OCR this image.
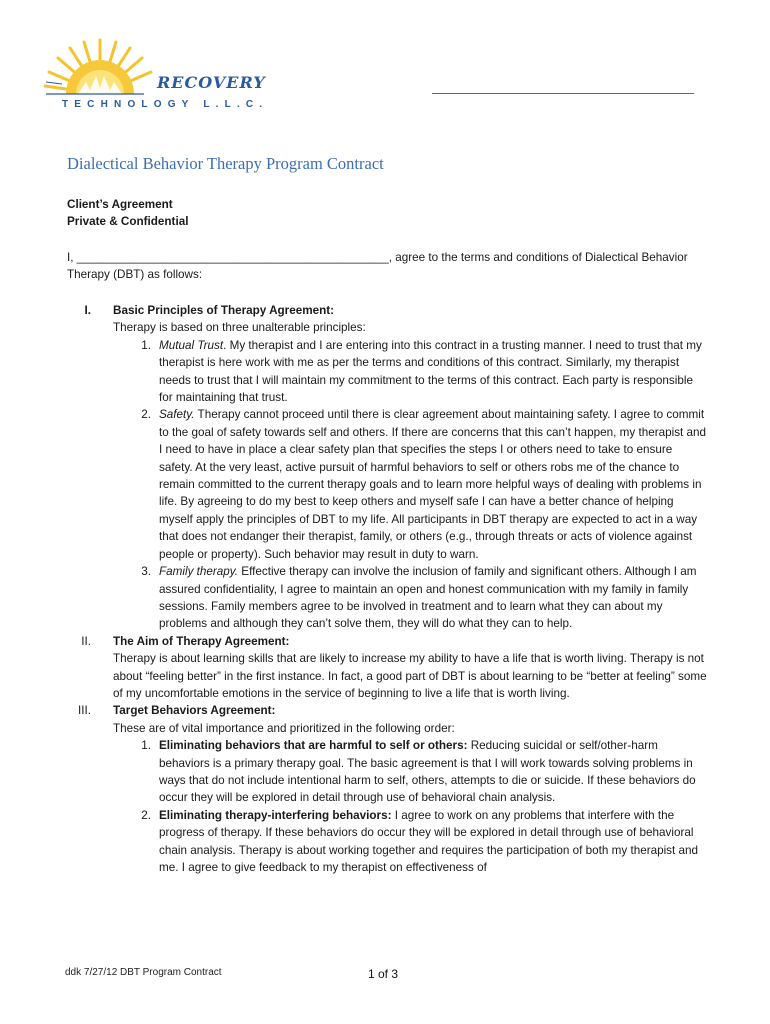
RECOVERY
TECHNOLOGY L.L.C.
Dialectical Behavior Therapy Program Contract
Client’s Agreement
Private & Confidential
I, ________________________________________________, agree to the terms and conditions of Dialectical Behavior Therapy (DBT) as follows:
I. Basic Principles of Therapy Agreement:
Therapy is based on three unalterable principles:
1. Mutual Trust. My therapist and I are entering into this contract in a trusting manner. I need to trust that my therapist is here work with me as per the terms and conditions of this contract. Similarly, my therapist needs to trust that I will maintain my commitment to the terms of this contract. Each party is responsible for maintaining that trust.
2. Safety. Therapy cannot proceed until there is clear agreement about maintaining safety. I agree to commit to the goal of safety towards self and others. If there are concerns that this can’t happen, my therapist and I need to have in place a clear safety plan that specifies the steps I or others need to take to ensure safety. At the very least, active pursuit of harmful behaviors to self or others robs me of the chance to remain committed to the current therapy goals and to learn more helpful ways of dealing with problems in life. By agreeing to do my best to keep others and myself safe I can have a better chance of helping myself apply the principles of DBT to my life. All participants in DBT therapy are expected to act in a way that does not endanger their therapist, family, or others (e.g., through threats or acts of violence against people or property). Such behavior may result in duty to warn.
3. Family therapy. Effective therapy can involve the inclusion of family and significant others. Although I am assured confidentiality, I agree to maintain an open and honest communication with my family in family sessions. Family members agree to be involved in treatment and to learn what they can about my problems and although they can’t solve them, they will do what they can to help.
II. The Aim of Therapy Agreement:
Therapy is about learning skills that are likely to increase my ability to have a life that is worth living. Therapy is not about “feeling better” in the first instance. In fact, a good part of DBT is about learning to be “better at feeling” some of my uncomfortable emotions in the service of beginning to live a life that is worth living.
III. Target Behaviors Agreement:
These are of vital importance and prioritized in the following order:
1. Eliminating behaviors that are harmful to self or others: Reducing suicidal or self/other-harm behaviors is a primary therapy goal. The basic agreement is that I will work towards solving problems in ways that do not include intentional harm to self, others, attempts to die or suicide. If these behaviors do occur they will be explored in detail through use of behavioral chain analysis.
2. Eliminating therapy-interfering behaviors: I agree to work on any problems that interfere with the progress of therapy. If these behaviors do occur they will be explored in detail through use of behavioral chain analysis. Therapy is about working together and requires the participation of both my therapist and me. I agree to give feedback to my therapist on effectiveness of
ddk 7/27/12 DBT Program Contract	1 of 3
